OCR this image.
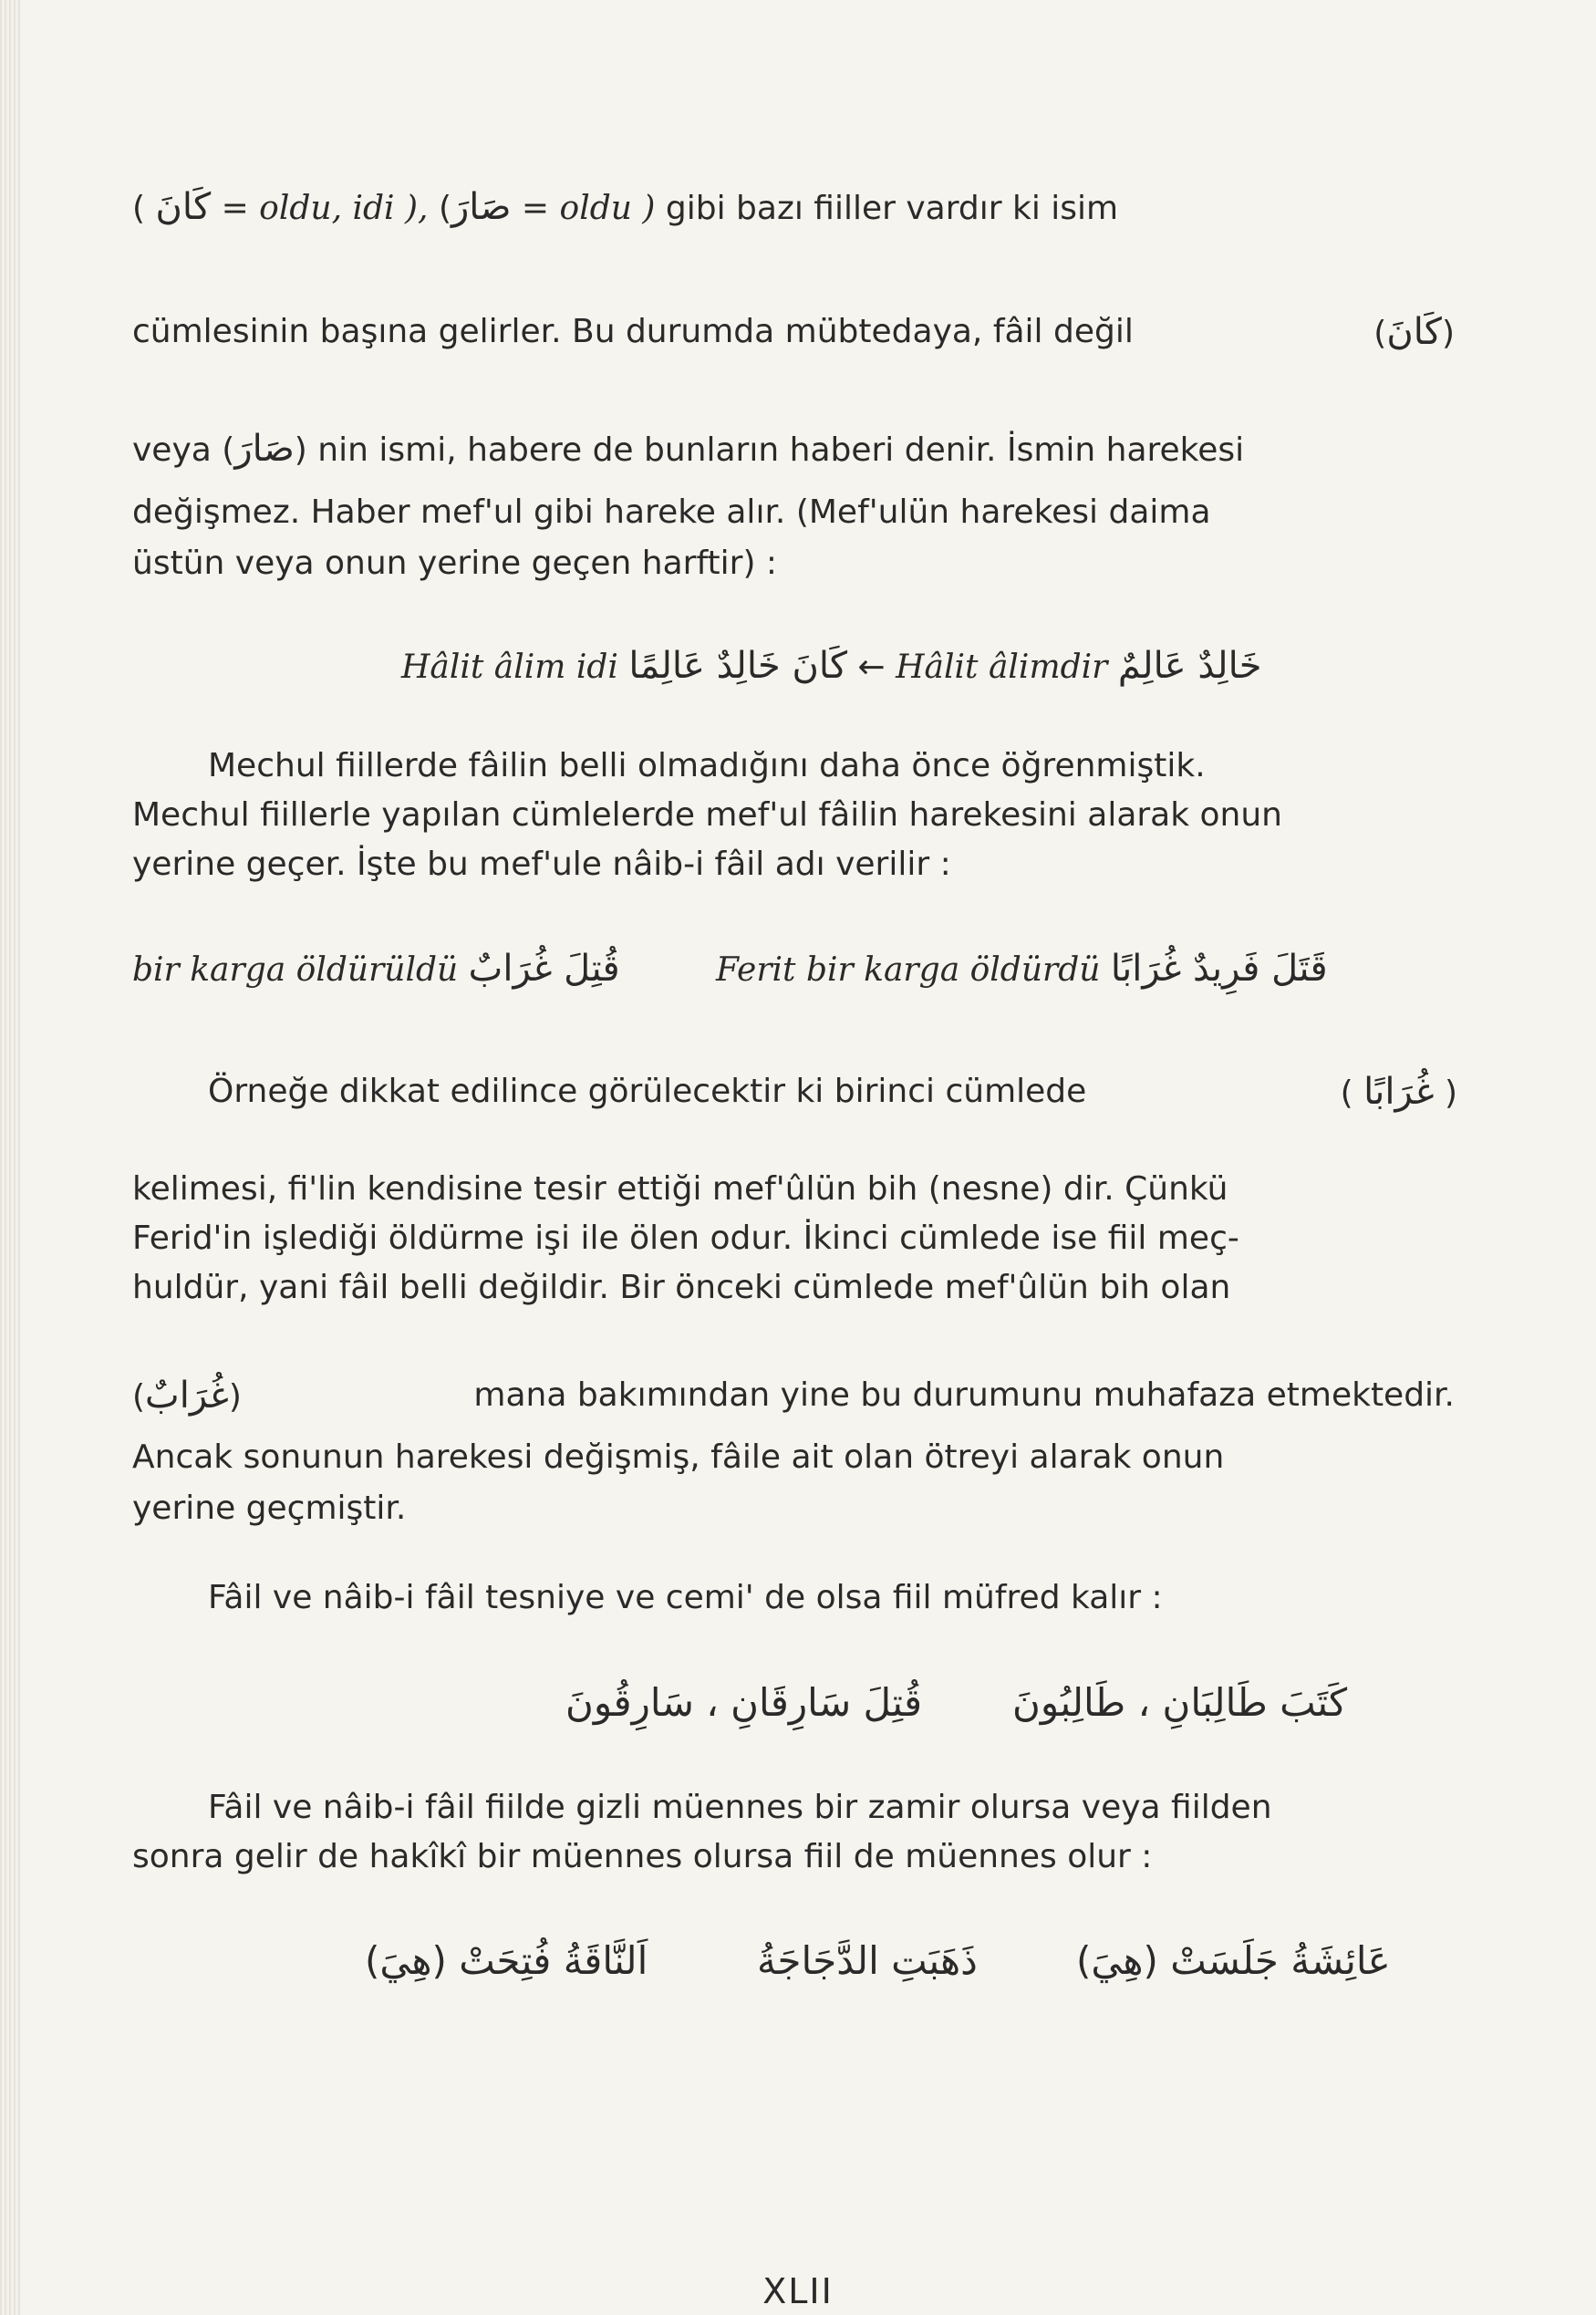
( كَانَ = oldu, idi ), (صَارَ = oldu ) gibi bazı fiiller vardır ki isim
cümlesinin başına gelirler. Bu durumda mübtedaya, fâil değil	(كَانَ)
veya (صَارَ) nin ismi, habere de bunların haberi denir. İsmin harekesi
değişmez. Haber mef'ul gibi hareke alır. (Mef'ulün harekesi daima
üstün veya onun yerine geçen harftir) :
Hâlit âlim idi كَانَ خَالِدٌ عَالِمًا ← Hâlit âlimdir خَالِدٌ عَالِمٌ
Mechul fiillerde fâilin belli olmadığını daha önce öğrenmiştik.
Mechul fiillerle yapılan cümlelerde mef'ul fâilin harekesini alarak onun
yerine geçer. İşte bu mef'ule nâib-i fâil adı verilir :
bir karga öldürüldü قُتِلَ غُرَابٌ	Ferit bir karga öldürdü قَتَلَ فَرِيدٌ غُرَابًا
Örneğe dikkat edilince görülecektir ki birinci cümlede	( غُرَابًا )
kelimesi, fi'lin kendisine tesir ettiği mef'ûlün bih (nesne) dir. Çünkü
Ferid'in işlediği öldürme işi ile ölen odur. İkinci cümlede ise fiil meç-
huldür, yani fâil belli değildir. Bir önceki cümlede mef'ûlün bih olan
(غُرَابٌ)	mana bakımından yine bu durumunu muhafaza etmektedir.
Ancak sonunun harekesi değişmiş, fâile ait olan ötreyi alarak onun
yerine geçmiştir.
Fâil ve nâib-i fâil tesniye ve cemi' de olsa fiil müfred kalır :
كَتَبَ طَالِبَانِ ، طَالِبُونَ
قُتِلَ سَارِقَانِ ، سَارِقُونَ
Fâil ve nâib-i fâil fiilde gizli müennes bir zamir olursa veya fiilden
sonra gelir de hakîkî bir müennes olursa fiil de müennes olur :
عَائِشَةُ جَلَسَتْ (هِيَ)
ذَهَبَتِ الدَّجَاجَةُ
اَلنَّاقَةُ فُتِحَتْ (هِيَ)
XLII
